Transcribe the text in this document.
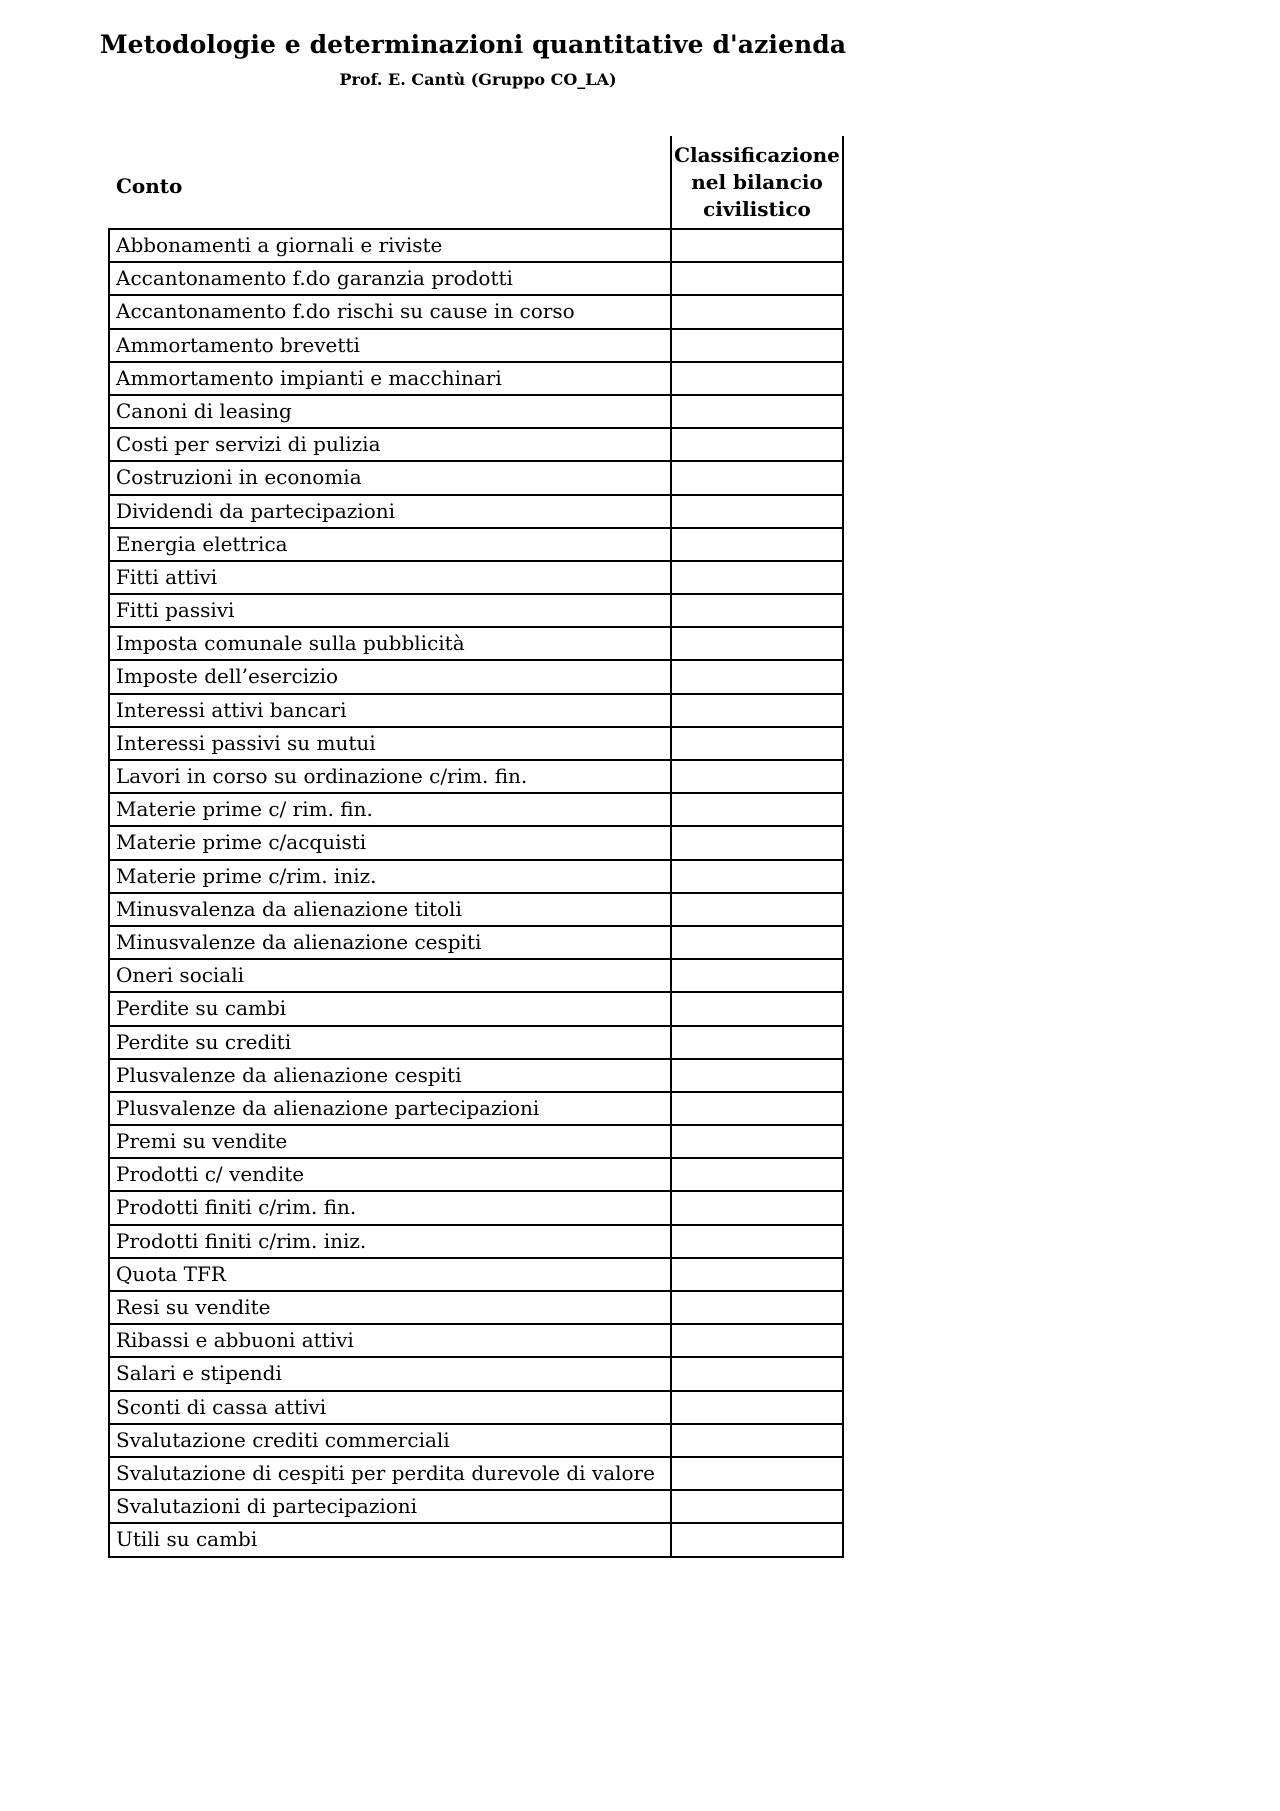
Metodologie e determinazioni quantitative d'azienda
Prof. E. Cantù (Gruppo CO_LA)
Conto
Classificazione
nel bilancio
civilistico
Abbonamenti a giornali e riviste
Accantonamento f.do garanzia prodotti
Accantonamento f.do rischi su cause in corso
Ammortamento brevetti
Ammortamento impianti e macchinari
Canoni di leasing
Costi per servizi di pulizia
Costruzioni in economia
Dividendi da partecipazioni
Energia elettrica
Fitti attivi
Fitti passivi
Imposta comunale sulla pubblicità
Imposte dell’esercizio
Interessi attivi bancari
Interessi passivi su mutui
Lavori in corso su ordinazione c/rim. fin.
Materie prime c/ rim. fin.
Materie prime c/acquisti
Materie prime c/rim. iniz.
Minusvalenza da alienazione titoli
Minusvalenze da alienazione cespiti
Oneri sociali
Perdite su cambi
Perdite su crediti
Plusvalenze da alienazione cespiti
Plusvalenze da alienazione partecipazioni
Premi su vendite
Prodotti c/ vendite
Prodotti finiti c/rim. fin.
Prodotti finiti c/rim. iniz.
Quota TFR
Resi su vendite
Ribassi e abbuoni attivi
Salari e stipendi
Sconti di cassa attivi
Svalutazione crediti commerciali
Svalutazione di cespiti per perdita durevole di valore
Svalutazioni di partecipazioni
Utili su cambi
